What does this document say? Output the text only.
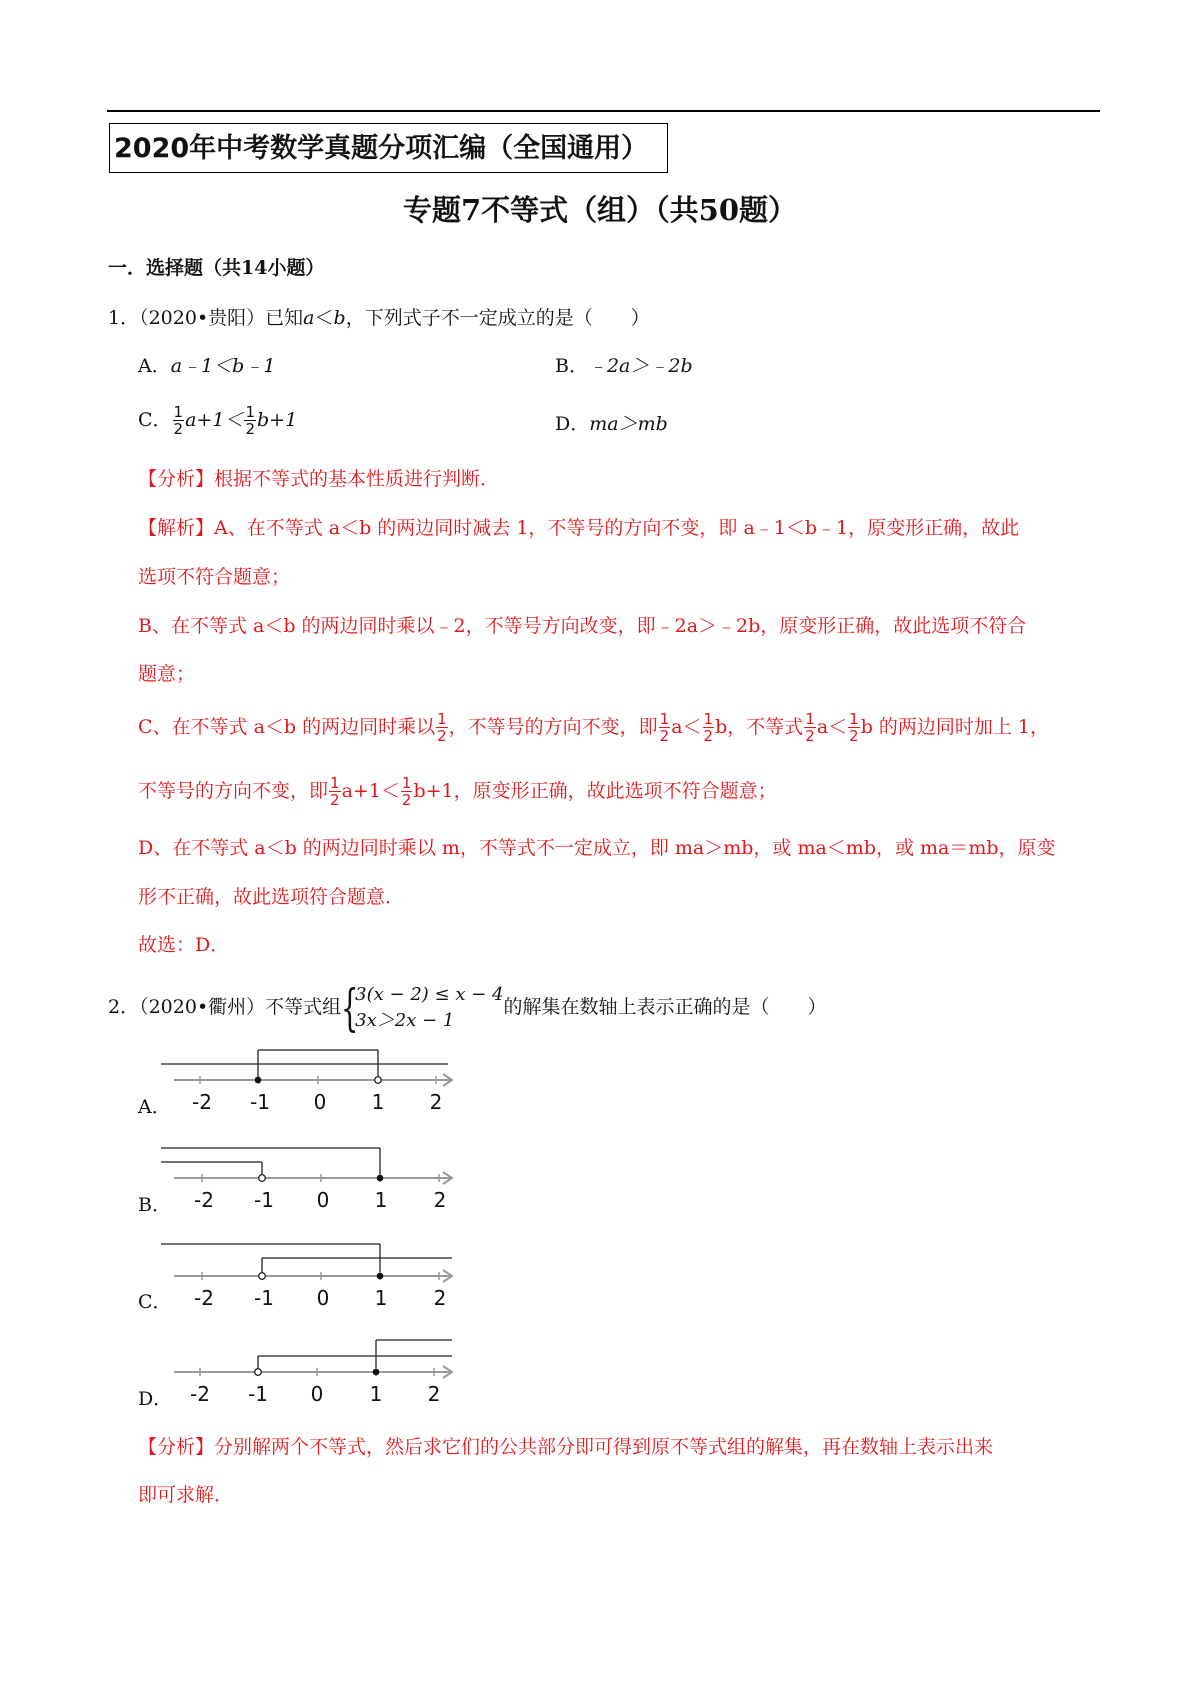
2020年中考数学真题分项汇编（全国通用）
专题7不等式（组）（共50题）
一．选择题（共14小题）
1．（2020•贵阳）已知a＜b，下列式子不一定成立的是（　　）
A．a﹣1＜b﹣1	B．﹣2a＞﹣2b
C． $\frac{1}{2} a+1< \frac{1}{2} b+1$	D．ma＞mb
【分析】根据不等式的基本性质进行判断．
【解析】A、在不等式 a＜b 的两边同时减去 1，不等号的方向不变，即 a﹣1＜b﹣1，原变形正确，故此
选项不符合题意；
B、在不等式 a＜b 的两边同时乘以﹣2，不等号方向改变，即﹣2a＞﹣2b，原变形正确，故此选项不符合
题意；
C、在不等式 a＜b 的两边同时乘以 $\frac{1}{2}$ ，不等号的方向不变，即 $\frac{1}{2} a< \frac{1}{2}$ b，不等式 $\frac{1}{2} a< \frac{1}{2}$ b 的两边同时加上 1，
不等号的方向不变，即 $\frac{1}{2} a+1< \frac{1}{2} b+1$，原变形正确，故此选项不符合题意；
D、在不等式 a＜b 的两边同时乘以 m，不等式不一定成立，即 ma＞mb，或 ma＜mb，或 ma＝mb，原变
形不正确，故此选项符合题意．
故选：D．
2．（2020•衢州）不等式组 {
3(x − 2) ≤ x − 4
3x＞2x − 1
的解集在数轴上表示正确的是（　　）
A． -2 -1 0 1 2
B． -2 -1 0 1 2
C． -2 -1 0 1 2
D． -2 -1 0 1 2
【分析】分别解两个不等式，然后求它们的公共部分即可得到原不等式组的解集，再在数轴上表示出来
即可求解．
